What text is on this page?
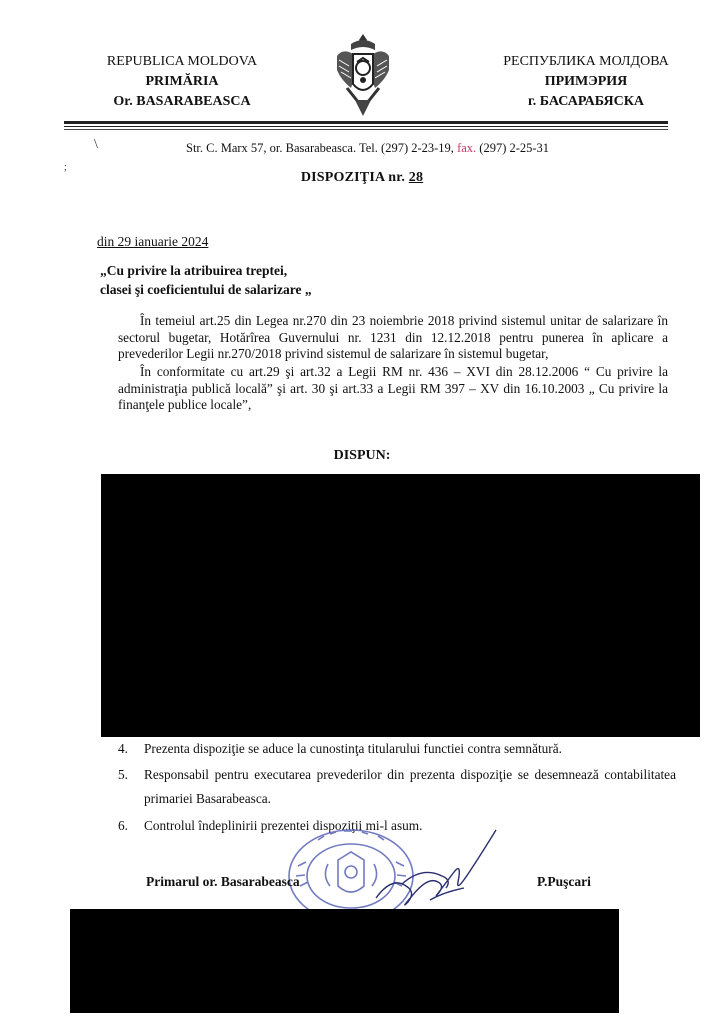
REPUBLICA MOLDOVA
PRIMĂRIA
Or. BASARABEASCA
РЕСПУБЛИКА МОЛДОВА
ПРИМЭРИЯ
г. БАСАРАБЯСКА
\
;
Str. C. Marx 57, or. Basarabeasca. Tel. (297) 2-23-19, fax. (297) 2-25-31
DISPOZIŢIA nr. 28
din 29 ianuarie 2024
„Cu privire la atribuirea treptei,
clasei şi coeficientului de salarizare „
În temeiul art.25 din Legea nr.270 din 23 noiembrie 2018 privind sistemul unitar de salarizare în sectorul bugetar, Hotărîrea Guvernului nr. 1231 din 12.12.2018 pentru punerea în aplicare a prevederilor Legii nr.270/2018 privind sistemul de salarizare în sistemul bugetar,
În conformitate cu art.29 şi art.32 a Legii RM nr. 436 – XVI din 28.12.2006 “ Cu privire la administraţia publică locală” şi art. 30 şi art.33 a Legii RM 397 – XV din 16.10.2003 „ Cu privire la finanţele publice locale”,
DISPUN:
4.	Prezenta dispoziţie se aduce la cunostinţa titularului functiei contra semnătură.
5.	Responsabil pentru executarea prevederilor din prezenta dispoziţie se desemnează contabilitatea primariei Basarabeasca.
6.	Controlul îndeplinirii prezentei dispoziţii mi-l asum.
Primarul or. Basarabeasca	P.Puşcari
